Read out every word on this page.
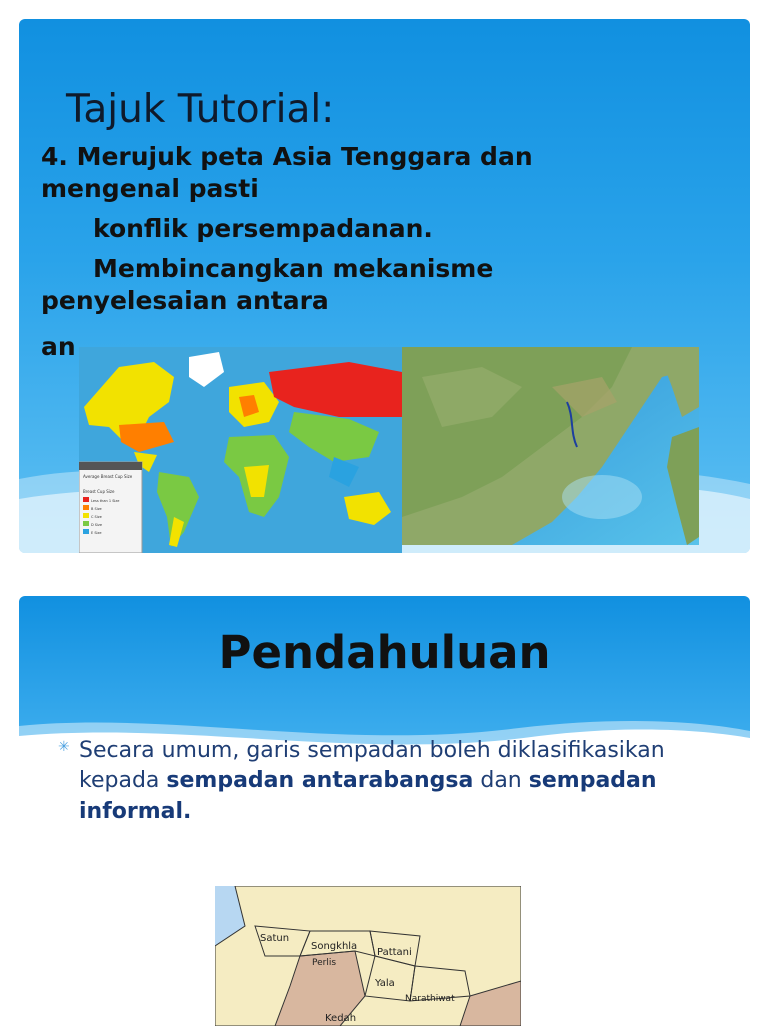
Tajuk Tutorial:
4. Merujuk peta Asia Tenggara dan
mengenal pasti
konflik persempadanan.
Membincangkan mekanisme
penyelesaian antara
an
Average Breast Cup Size
Breast Cup Size
Less than 1 Size
B Size
C Size
D Size
E Size
Pendahuluan
✳ Secara umum, garis sempadan boleh diklasifikasikan kepada sempadan antarabangsa dan sempadan informal.
Satun
Songkhla
Pattani
Perlis
Yala
Narathiwat
Kedah
